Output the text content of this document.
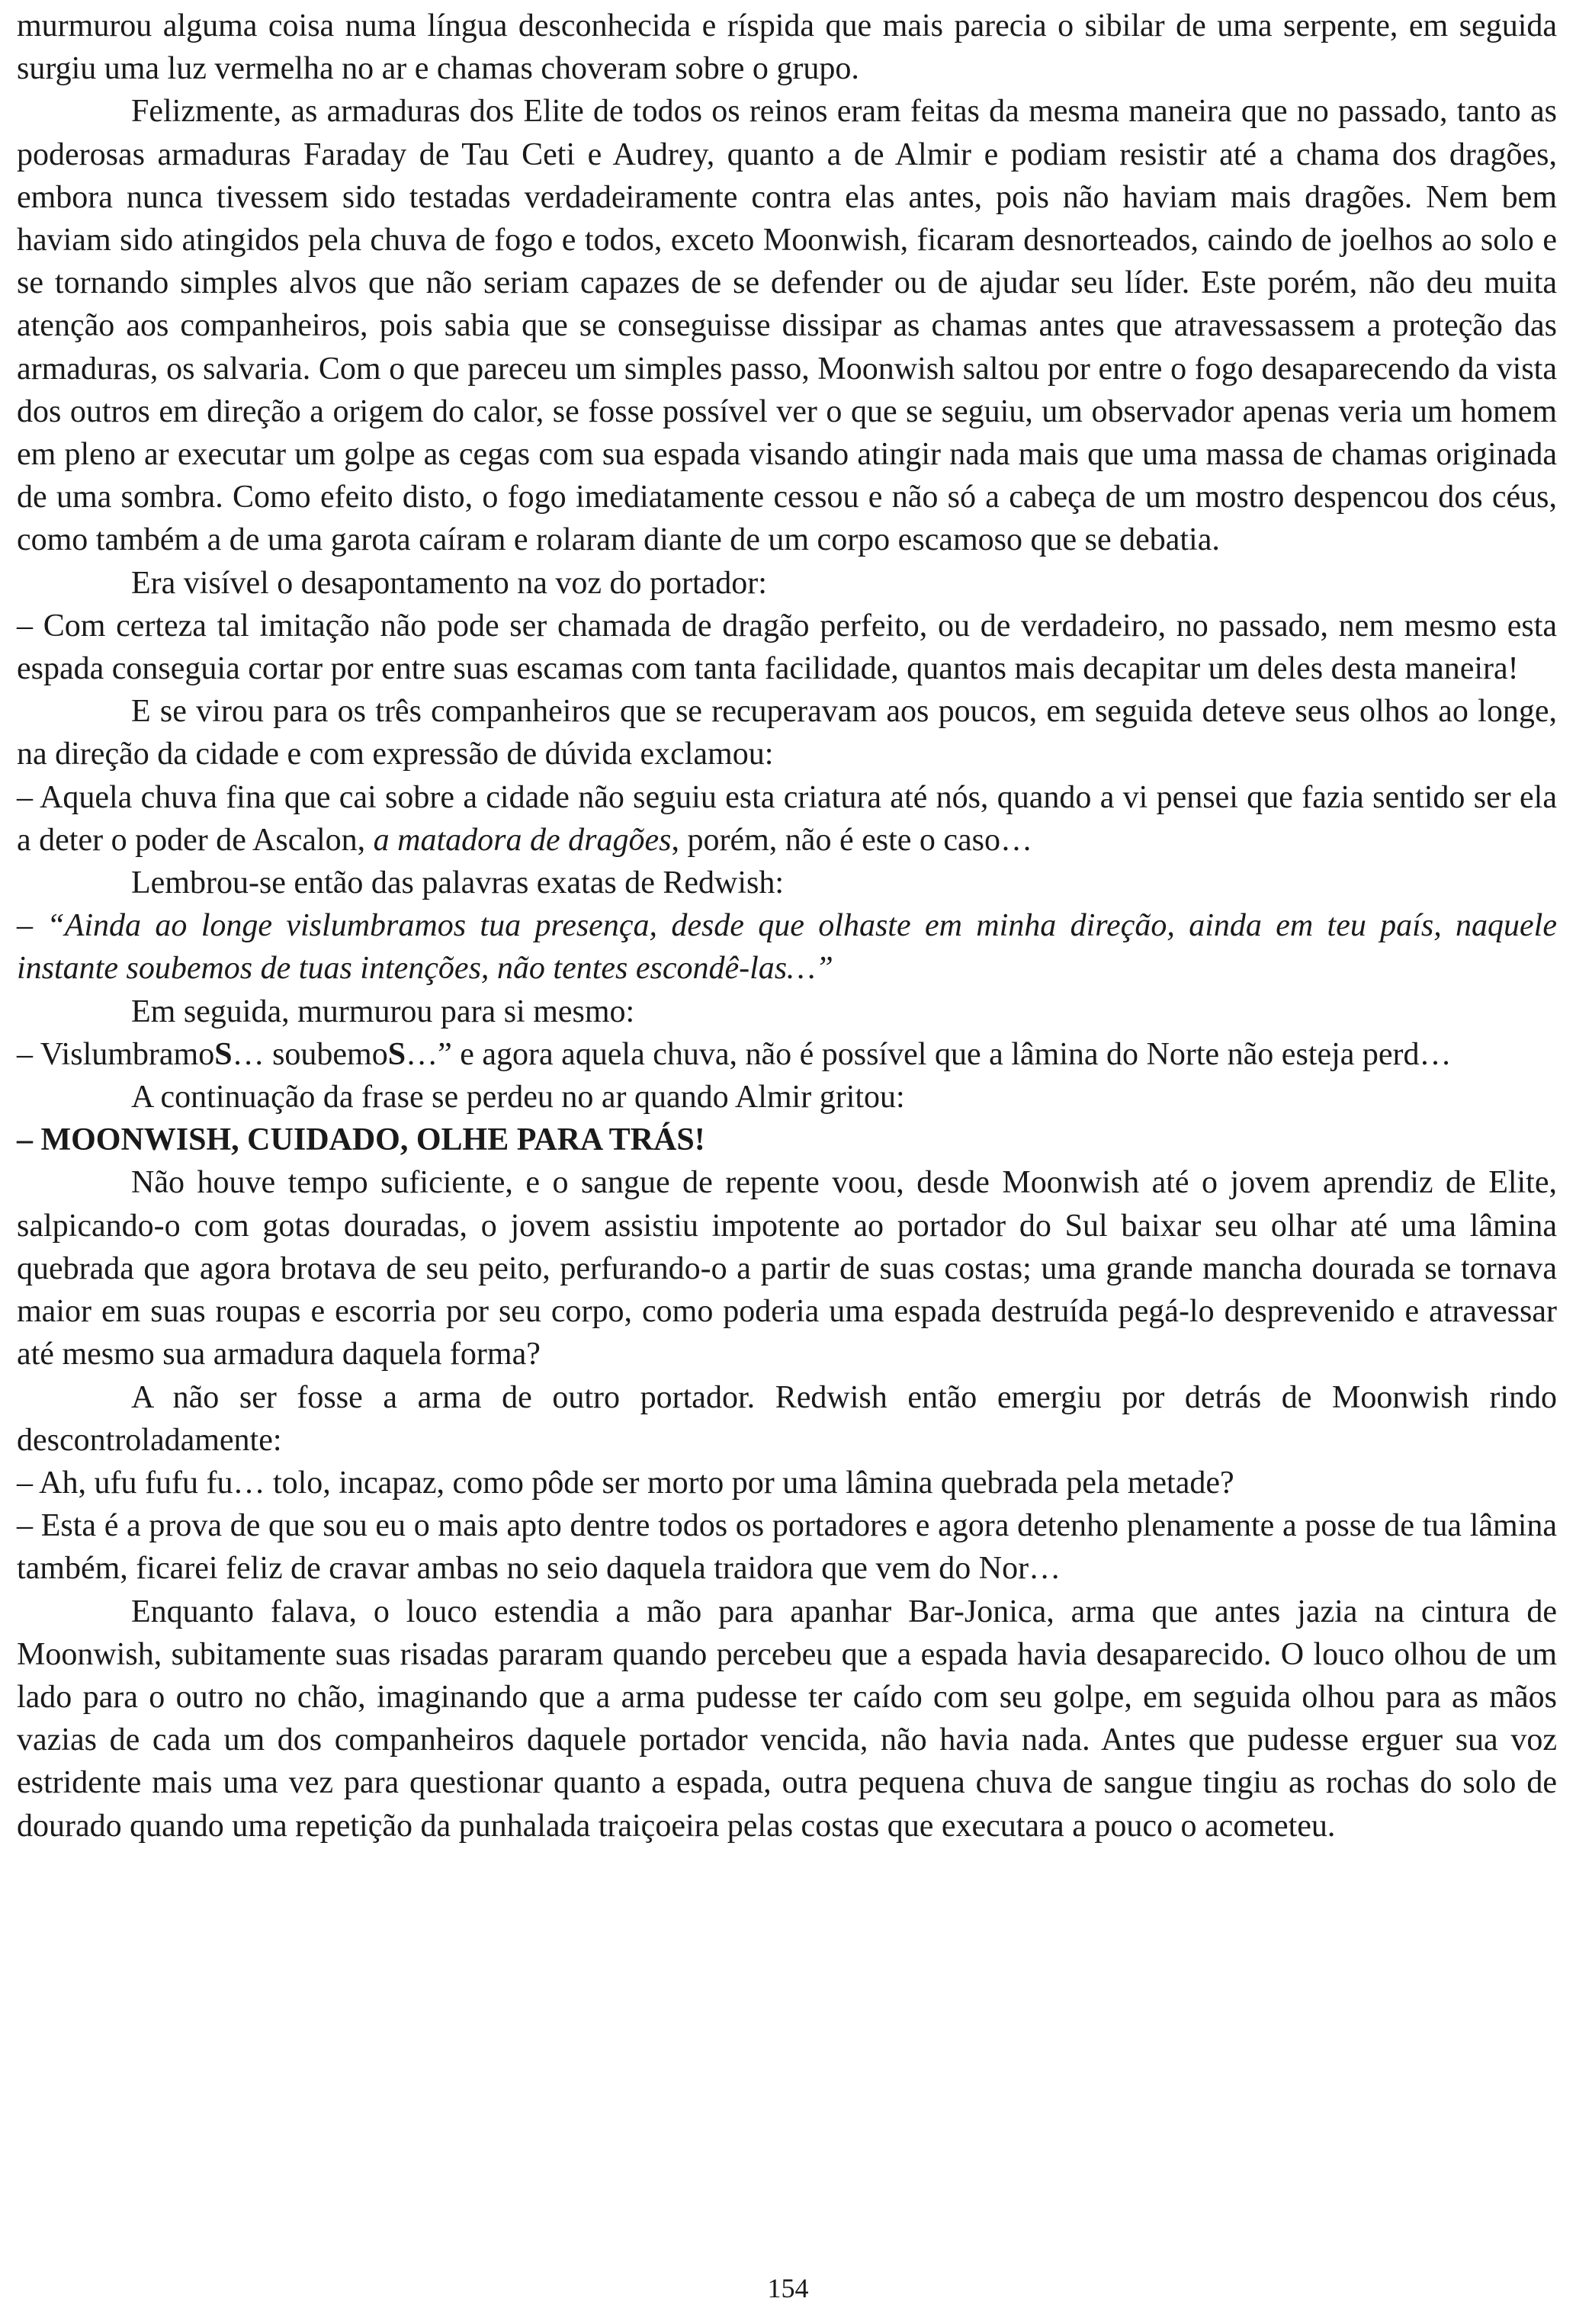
murmurou alguma coisa numa língua desconhecida e ríspida que mais parecia o sibilar de uma serpente, em seguida surgiu uma luz vermelha no ar e chamas choveram sobre o grupo.

Felizmente, as armaduras dos Elite de todos os reinos eram feitas da mesma maneira que no passado, tanto as poderosas armaduras Faraday de Tau Ceti e Audrey, quanto a de Almir e podiam resistir até a chama dos dragões, embora nunca tivessem sido testadas verdadeiramente contra elas antes, pois não haviam mais dragões. Nem bem haviam sido atingidos pela chuva de fogo e todos, exceto Moonwish, ficaram desnorteados, caindo de joelhos ao solo e se tornando simples alvos que não seriam capazes de se defender ou de ajudar seu líder. Este porém, não deu muita atenção aos companheiros, pois sabia que se conseguisse dissipar as chamas antes que atravessassem a proteção das armaduras, os salvaria. Com o que pareceu um simples passo, Moonwish saltou por entre o fogo desaparecendo da vista dos outros em direção a origem do calor, se fosse possível ver o que se seguiu, um observador apenas veria um homem em pleno ar executar um golpe as cegas com sua espada visando atingir nada mais que uma massa de chamas originada de uma sombra. Como efeito disto, o fogo imediatamente cessou e não só a cabeça de um mostro despencou dos céus, como também a de uma garota caíram e rolaram diante de um corpo escamoso que se debatia.

Era visível o desapontamento na voz do portador:

– Com certeza tal imitação não pode ser chamada de dragão perfeito, ou de verdadeiro, no passado, nem mesmo esta espada conseguia cortar por entre suas escamas com tanta facilidade, quantos mais decapitar um deles desta maneira!

E se virou para os três companheiros que se recuperavam aos poucos, em seguida deteve seus olhos ao longe, na direção da cidade e com expressão de dúvida exclamou:

– Aquela chuva fina que cai sobre a cidade não seguiu esta criatura até nós, quando a vi pensei que fazia sentido ser ela a deter o poder de Ascalon, a matadora de dragões, porém, não é este o caso…

Lembrou-se então das palavras exatas de Redwish:

– “Ainda ao longe vislumbramos tua presença, desde que olhaste em minha direção, ainda em teu país, naquele instante soubemos de tuas intenções, não tentes escondê-las…”

Em seguida, murmurou para si mesmo:

– VislumbramoS… soubemoS…” e agora aquela chuva, não é possível que a lâmina do Norte não esteja perd…

A continuação da frase se perdeu no ar quando Almir gritou:

– MOONWISH, CUIDADO, OLHE PARA TRÁS!

Não houve tempo suficiente, e o sangue de repente voou, desde Moonwish até o jovem aprendiz de Elite, salpicando-o com gotas douradas, o jovem assistiu impotente ao portador do Sul baixar seu olhar até uma lâmina quebrada que agora brotava de seu peito, perfurando-o a partir de suas costas; uma grande mancha dourada se tornava maior em suas roupas e escorria por seu corpo, como poderia uma espada destruída pegá-lo desprevenido e atravessar até mesmo sua armadura daquela forma?

A não ser fosse a arma de outro portador. Redwish então emergiu por detrás de Moonwish rindo descontroladamente:

– Ah, ufu fufu fu… tolo, incapaz, como pôde ser morto por uma lâmina quebrada pela metade?

– Esta é a prova de que sou eu o mais apto dentre todos os portadores e agora detenho plenamente a posse de tua lâmina também, ficarei feliz de cravar ambas no seio daquela traidora que vem do Nor…

Enquanto falava, o louco estendia a mão para apanhar Bar-Jonica, arma que antes jazia na cintura de Moonwish, subitamente suas risadas pararam quando percebeu que a espada havia desaparecido. O louco olhou de um lado para o outro no chão, imaginando que a arma pudesse ter caído com seu golpe, em seguida olhou para as mãos vazias de cada um dos companheiros daquele portador vencida, não havia nada. Antes que pudesse erguer sua voz estridente mais uma vez para questionar quanto a espada, outra pequena chuva de sangue tingiu as rochas do solo de dourado quando uma repetição da punhalada traiçoeira pelas costas que executara a pouco o acometeu.

154
